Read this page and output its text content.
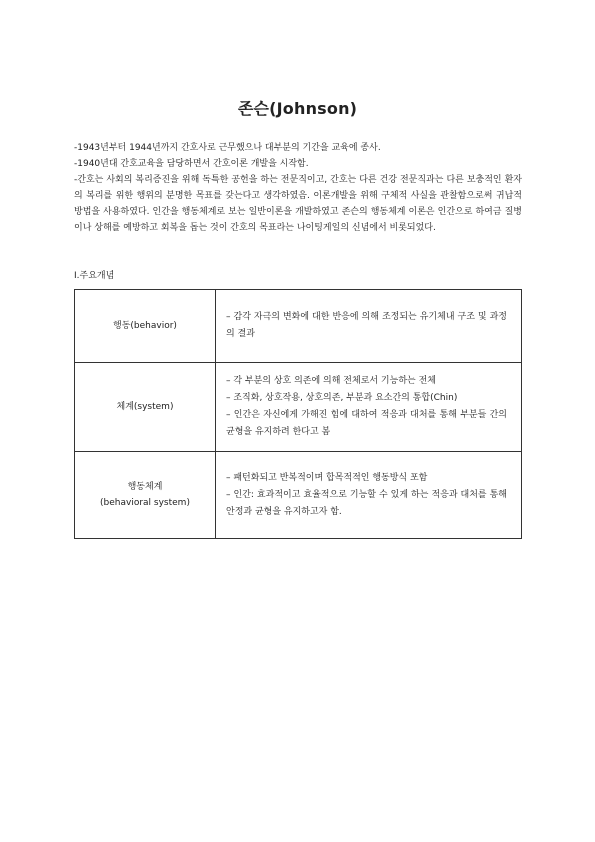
존슨(Johnson)

-1943년부터 1944년까지 간호사로 근무했으나 대부분의 기간을 교육에 종사.

-1940년대 간호교육을 담당하면서 간호이론 개발을 시작함.

-간호는 사회의 복리증진을 위해 독특한 공헌을 하는 전문직이고, 간호는 다른 건강 전문직과는 다른 보충적인 환자의 복리를 위한 행위의 분명한 목표를 갖는다고 생각하였음. 이론개발을 위해 구체적 사실을 관찰함으로써 귀납적 방법을 사용하였다. 인간을 행동체계로 보는 일반이론을 개발하였고 존슨의 행동체계 이론은 인간으로 하여금 질병이나 상해를 예방하고 회복을 돕는 것이 간호의 목표라는 나이팅게일의 신념에서 비롯되었다.

Ⅰ.주요개념
행동(behavior)	– 감각 자극의 변화에 대한 반응에 의해 조정되는 유기체내 구조 및 과정의 결과

체계(system)	– 각 부분의 상호 의존에 의해 전체로서 기능하는 전체
– 조직화, 상호작용, 상호의존, 부분과 요소간의 통합(Chin)
– 인간은 자신에게 가해진 힘에 대하여 적응과 대처를 통해 부분들 간의 균형을 유지하려 한다고 봄

행동체계
(behavioral system)	– 패턴화되고 반복적이며 합목적적인 행동방식 포함
– 인간: 효과적이고 효율적으로 기능할 수 있게 하는 적응과 대처를 통해 안정과 균형을 유지하고자 함.
